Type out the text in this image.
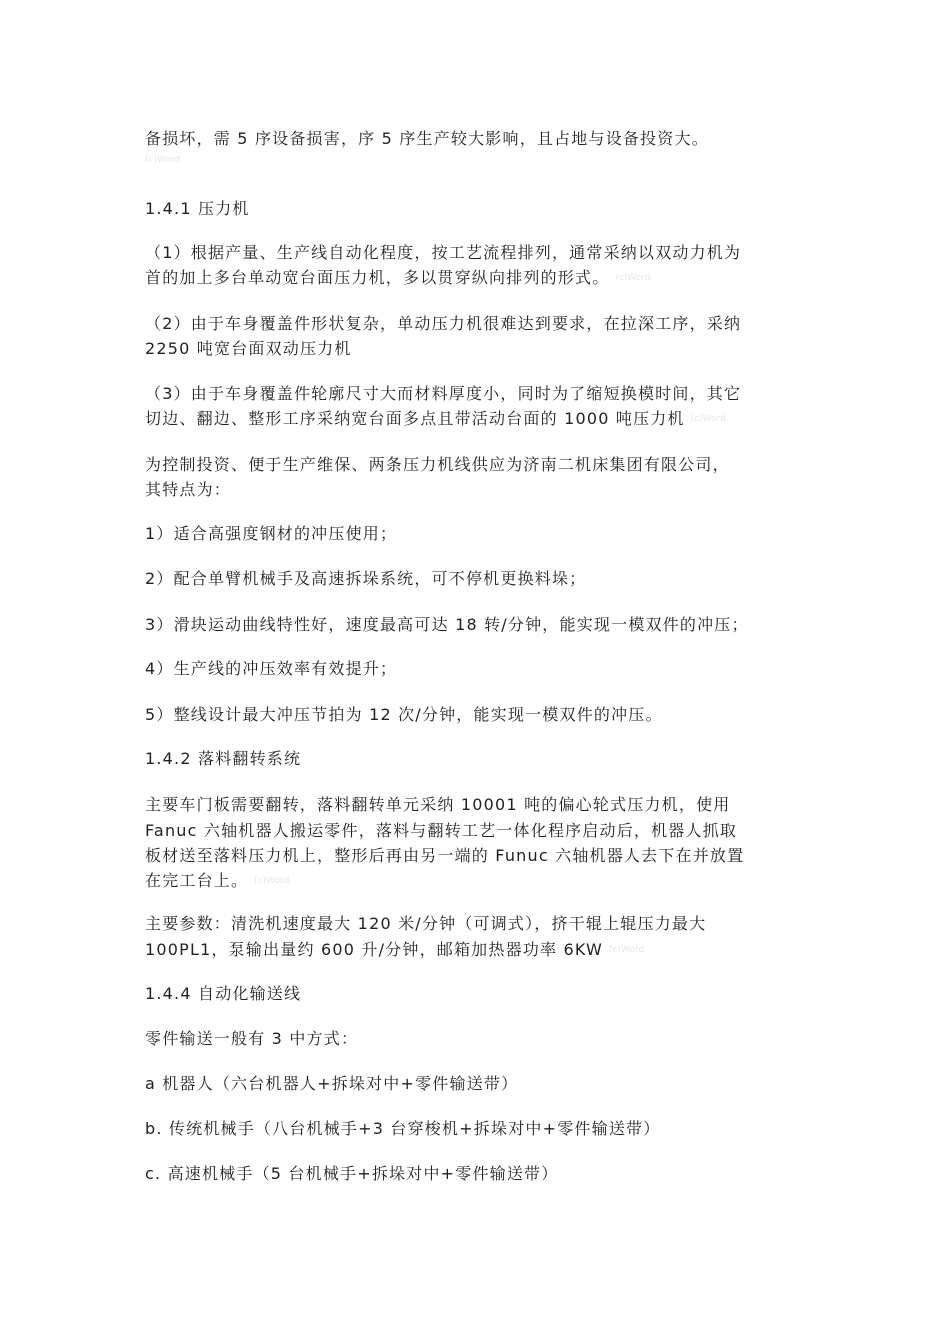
备损坏，需 5 序设备损害，序 5 序生产较大影响，且占地与设备投资大。
(c)Word
1.4.1 压力机
（1）根据产量、生产线自动化程度，按工艺流程排列，通常采纳以双动力机为
首的加上多台单动宽台面压力机，多以贯穿纵向排列的形式。 (c)Word
（2）由于车身覆盖件形状复杂，单动压力机很难达到要求，在拉深工序，采纳
2250 吨宽台面双动压力机
（3）由于车身覆盖件轮廓尺寸大而材料厚度小，同时为了缩短换模时间，其它
切边、翻边、整形工序采纳宽台面多点且带活动台面的 1000 吨压力机 (c)Word
为控制投资、便于生产维保、两条压力机线供应为济南二机床集团有限公司，
其特点为：
1）适合高强度钢材的冲压使用；
2）配合单臂机械手及高速拆垛系统，可不停机更换料垛；
3）滑块运动曲线特性好，速度最高可达 18 转/分钟，能实现一模双件的冲压；
4）生产线的冲压效率有效提升；
5）整线设计最大冲压节拍为 12 次/分钟，能实现一模双件的冲压。
1.4.2 落料翻转系统
主要车门板需要翻转，落料翻转单元采纳 10001 吨的偏心轮式压力机，使用
Fanuc 六轴机器人搬运零件，落料与翻转工艺一体化程序启动后，机器人抓取
板材送至落料压力机上，整形后再由另一端的 Funuc 六轴机器人去下在并放置
在完工台上。 (c)Word
主要参数：清洗机速度最大 120 米/分钟（可调式），挤干辊上辊压力最大
100PL1，泵输出量约 600 升/分钟，邮箱加热器功率 6KW (c)Word
1.4.4 自动化输送线
零件输送一般有 3 中方式：
a 机器人（六台机器人+拆垛对中+零件输送带）
b. 传统机械手（八台机械手+3 台穿梭机+拆垛对中+零件输送带）
c. 高速机械手（5 台机械手+拆垛对中+零件输送带）
